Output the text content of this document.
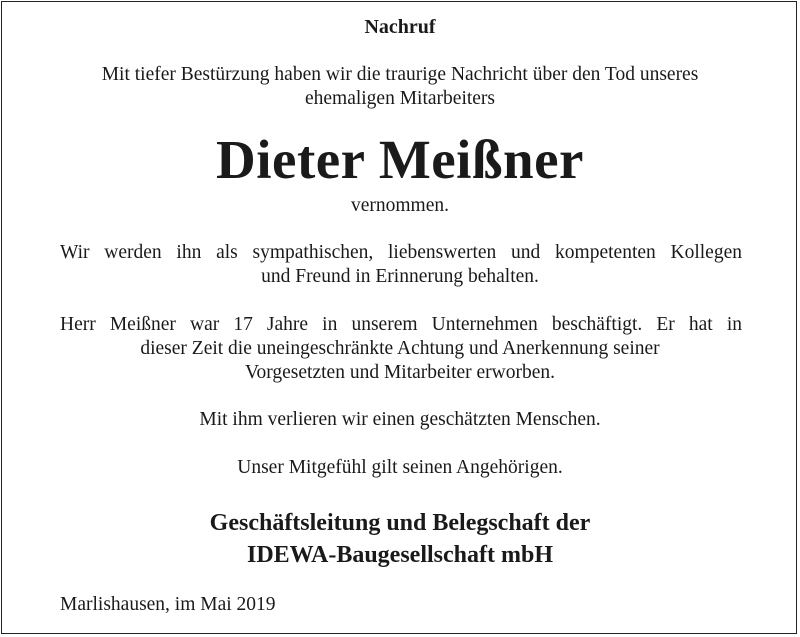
Nachruf
Mit tiefer Bestürzung haben wir die traurige Nachricht über den Tod unseres
ehemaligen Mitarbeiters
Dieter Meißner
vernommen.
Wir werden ihn als sympathischen, liebenswerten und kompetenten Kollegen
und Freund in Erinnerung behalten.
Herr Meißner war 17 Jahre in unserem Unternehmen beschäftigt. Er hat in
dieser Zeit die uneingeschränkte Achtung und Anerkennung seiner
Vorgesetzten und Mitarbeiter erworben.
Mit ihm verlieren wir einen geschätzten Menschen.
Unser Mitgefühl gilt seinen Angehörigen.
Geschäftsleitung und Belegschaft der
IDEWA-Baugesellschaft mbH
Marlishausen, im Mai 2019
